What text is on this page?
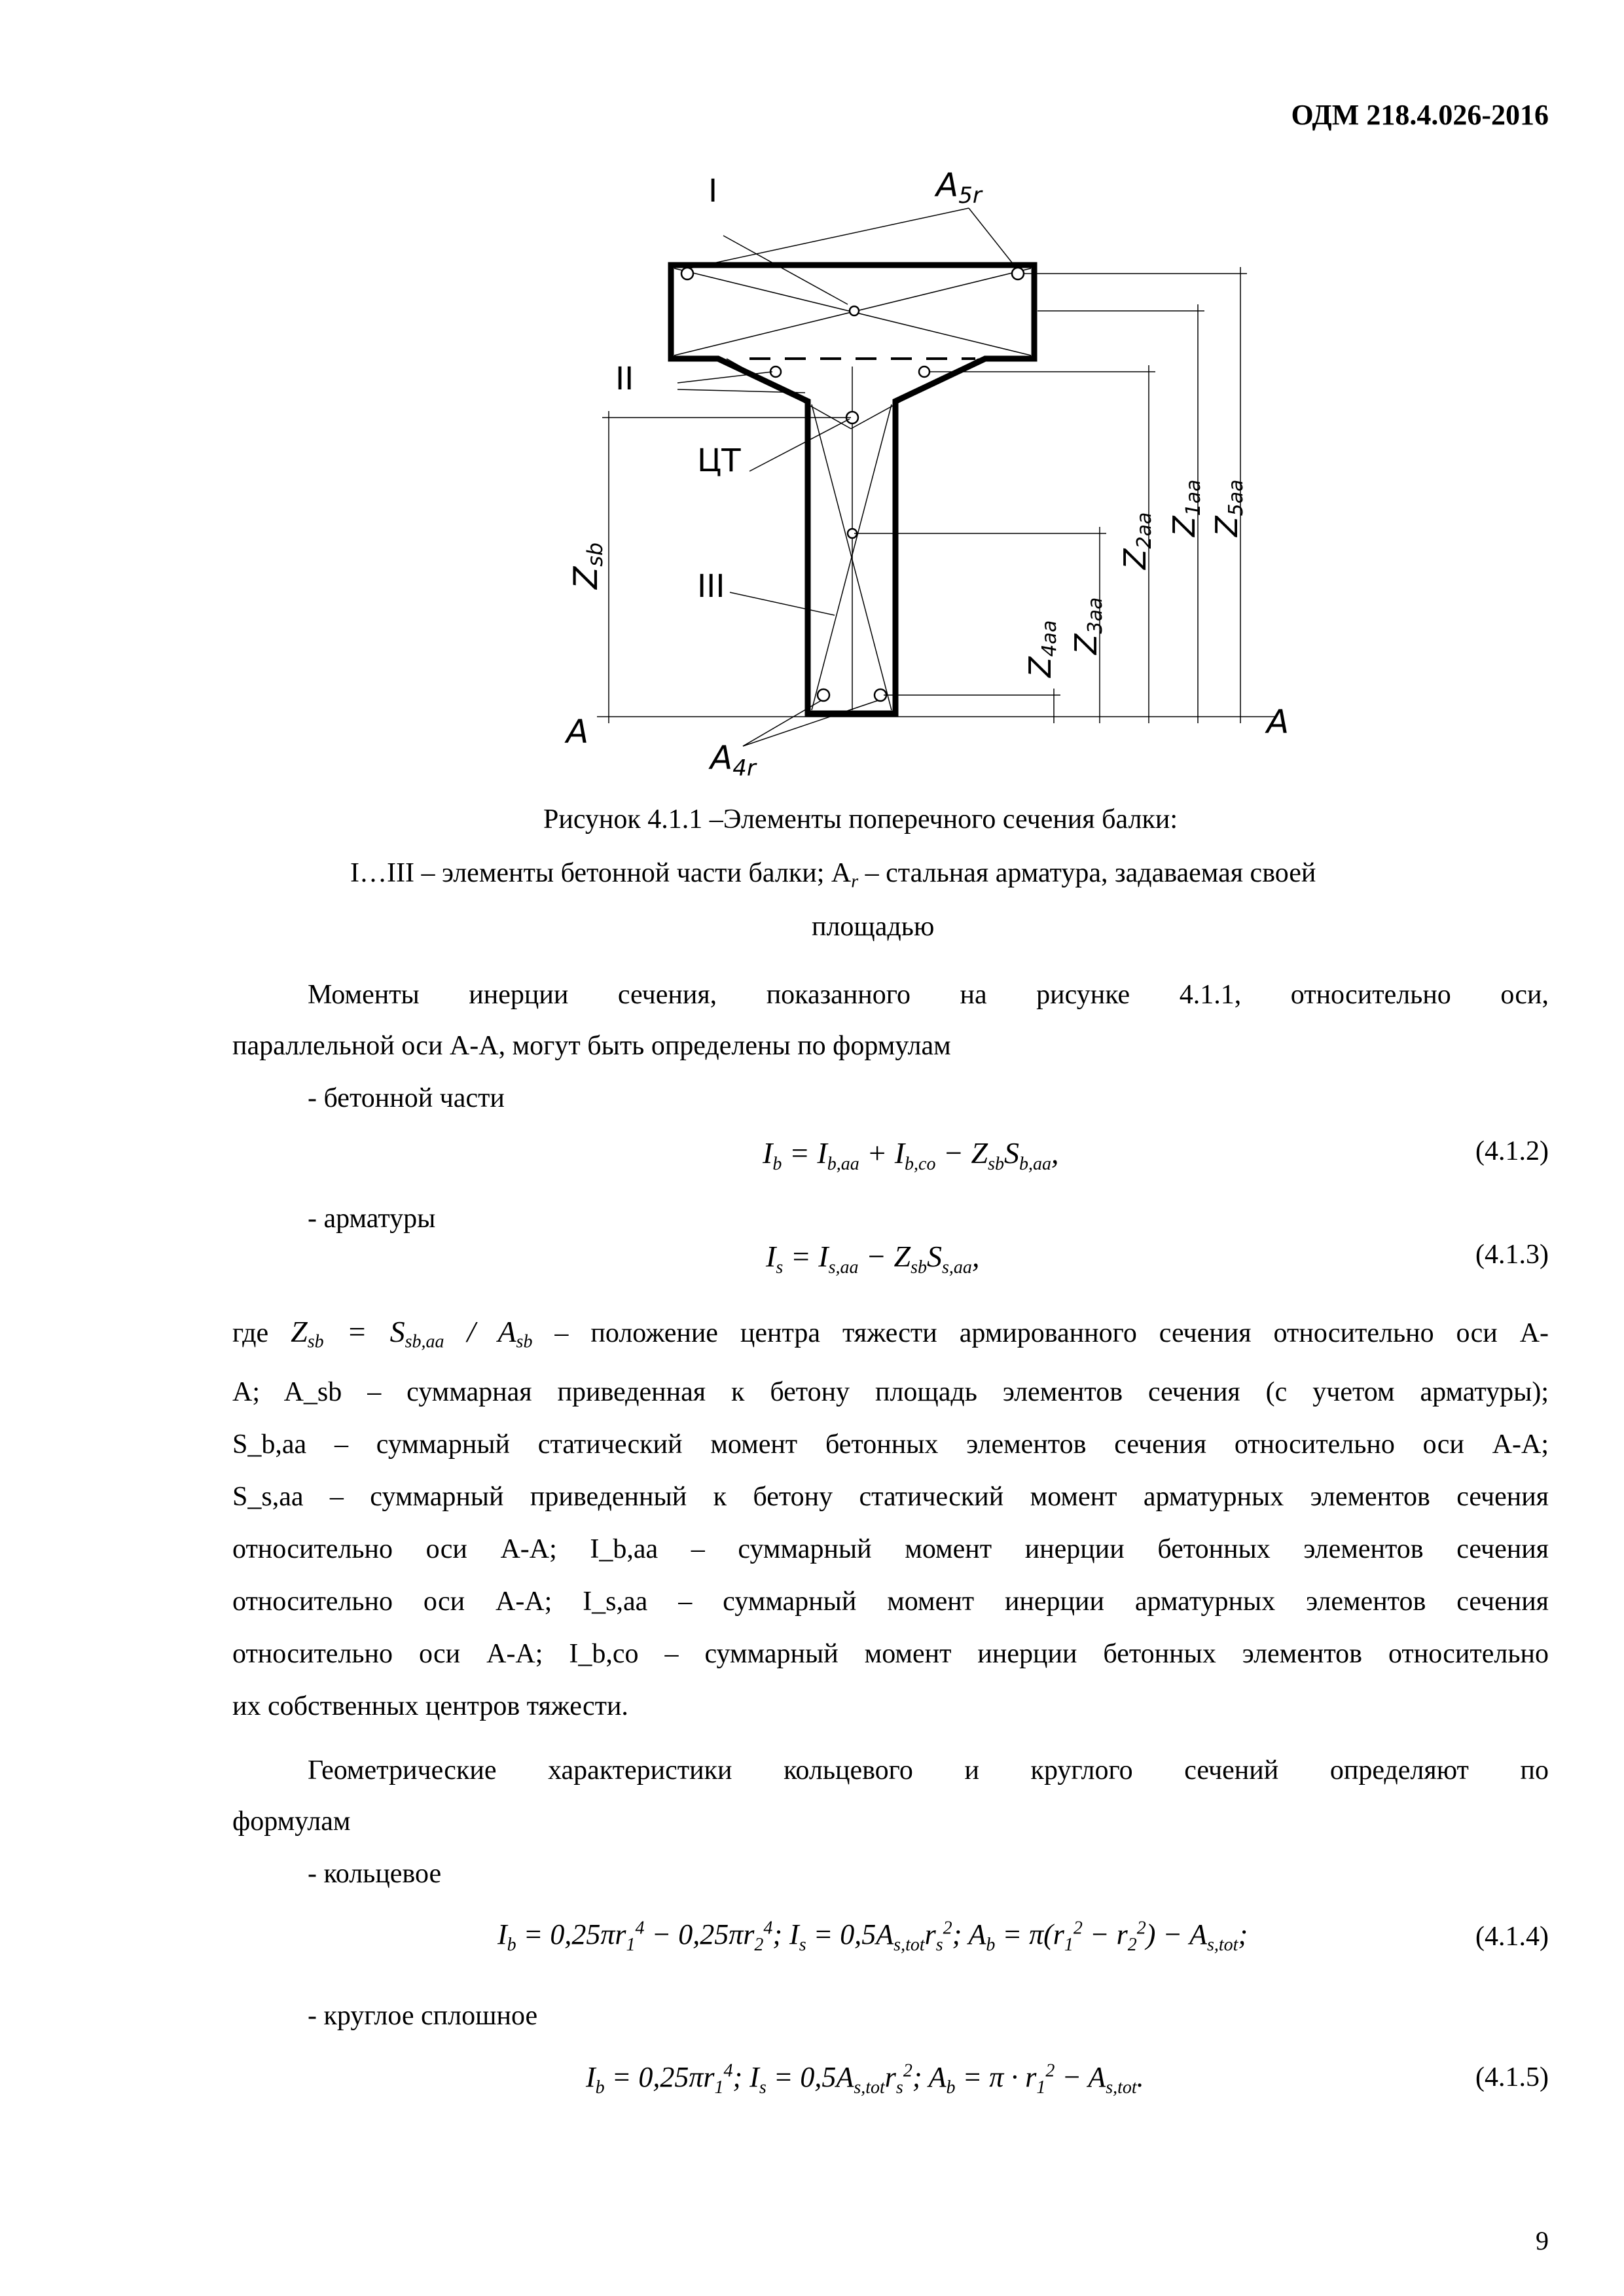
ОДМ 218.4.026-2016
I
II
ЦТ
III
$A_{5r}$
$A_{4r}$
A	A
Zsb
Z4aa Z3aa
Z2aa Z1aa
Z5aa
Рисунок 4.1.1 –Элементы поперечного сечения балки:
I…III – элементы бетонной части балки; $A_r$ – стальная арматура, задаваемая своей
площадью
Моменты инерции сечения, показанного на рисунке 4.1.1, относительно оси,
параллельной оси A-A, могут быть определены по формулам
- бетонной части
$I_b = I_{b,aa} + I_{b,co} - Z_{sb}S_{b,aa}$,	(4.1.2)
- арматуры
$I_s = I_{s,aa} - Z_{sb}S_{s,aa}$,	(4.1.3)
где $Z_{sb} = S_{sb,aa} / A_{sb}$ – положение центра тяжести армированного сечения относительно оси A-
A; A_sb – суммарная приведенная к бетону площадь элементов сечения (с учетом арматуры);
S_b,aa – суммарный статический момент бетонных элементов сечения относительно оси A-A;
S_s,aa – суммарный приведенный к бетону статический момент арматурных элементов сечения
относительно оси A-A; I_b,aa – суммарный момент инерции бетонных элементов сечения
относительно оси A-A; I_s,aa – суммарный момент инерции арматурных элементов сечения
относительно оси A-A; I_b,co – суммарный момент инерции бетонных элементов относительно
их собственных центров тяжести.
Геометрические характеристики кольцевого и круглого сечений определяют по
формулам
- кольцевое
$I_b = 0,25\pi r_1^4 - 0,25\pi r_2^4$; $I_s = 0,5A_{s,tot}r_s^2$; $A_b = \pi(r_1^2 - r_2^2) - A_{s,tot}$;	(4.1.4)
- круглое сплошное
$I_b = 0,25\pi r_1^4$; $I_s = 0,5A_{s,tot}r_s^2$; $A_b = \pi \cdot r_1^2 - A_{s,tot}$.	(4.1.5)
9
